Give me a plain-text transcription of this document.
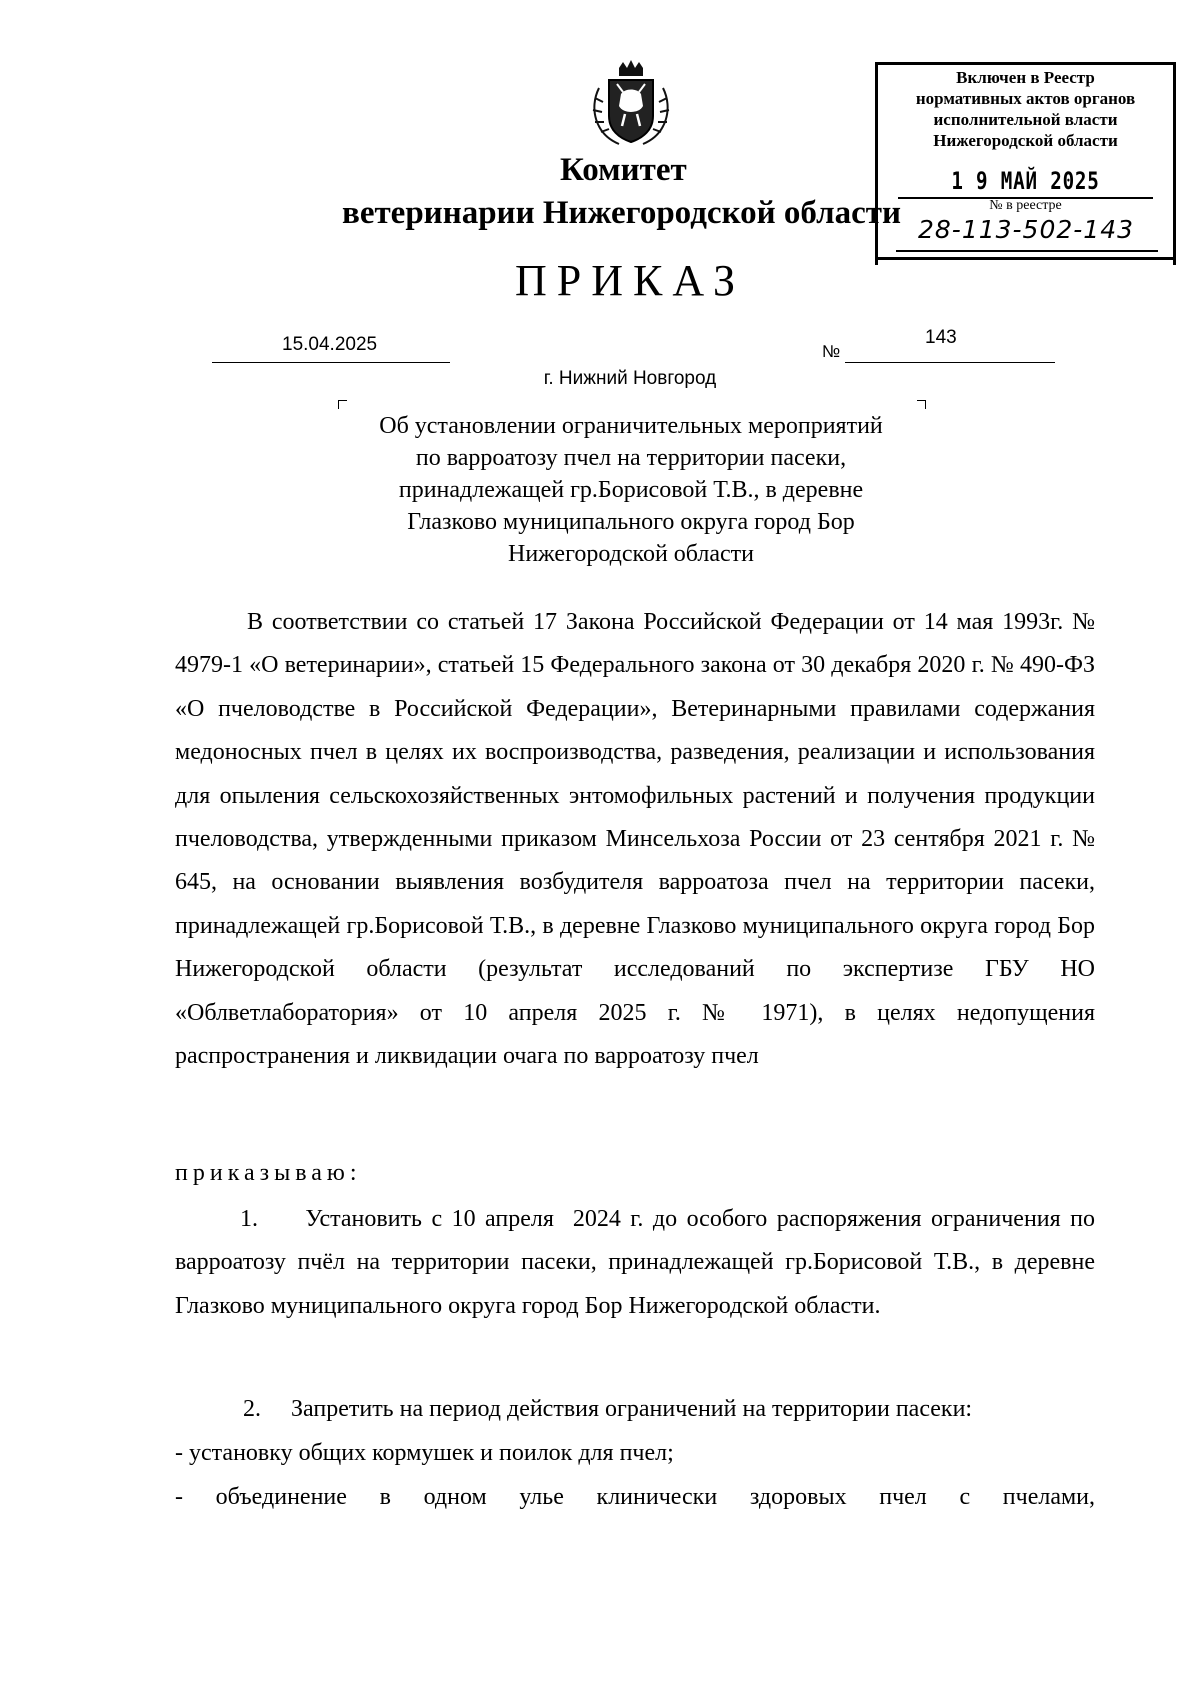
Включен в Реестр
нормативных актов органов
исполнительной власти
Нижегородской области
1 9 МАЙ 2025
№ в реестре
28-113-502-143
Комитет
ветеринарии Нижегородской области
ПРИКАЗ
15.04.2025	№
143
г. Нижний Новгород
Об установлении ограничительных мероприятий
по варроатозу пчел на территории пасеки,
принадлежащей гр.Борисовой Т.В., в деревне
Глазково муниципального округа город Бор
Нижегородской области
В соответствии со статьей 17 Закона Российской Федерации от 14 мая 1993г. № 4979-1 «О ветеринарии», статьей 15 Федерального закона от 30 декабря 2020 г. № 490-ФЗ «О пчеловодстве в Российской Федерации», Ветеринарными правилами содержания медоносных пчел в целях их воспроизводства, разведения, реализации и использования для опыления сельскохозяйственных энтомофильных растений и получения продукции пчеловодства, утвержденными приказом Минсельхоза России от 23 сентября 2021 г. № 645, на основании выявления возбудителя варроатоза пчел на территории пасеки, принадлежащей гр.Борисовой Т.В., в деревне Глазково муниципального округа город Бор Нижегородской области (результат исследований по экспертизе ГБУ НО «Облветлаборатория» от 10 апреля 2025 г. № 1971), в целях недопущения распространения и ликвидации очага по варроатозу пчел
приказываю:
1.     Установить с 10 апреля  2024 г. до особого распоряжения ограничения по варроатозу пчёл на территории пасеки, принадлежащей гр.Борисовой Т.В., в деревне Глазково муниципального округа город Бор Нижегородской области.
2.     Запретить на период действия ограничений на территории пасеки:
- установку общих кормушек и поилок для пчел;
- объединение в одном улье клинически здоровых пчел с пчелами,
